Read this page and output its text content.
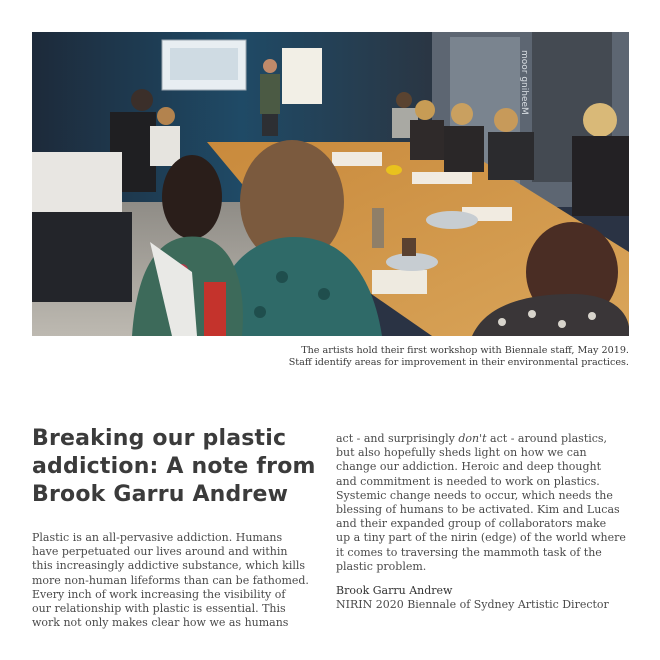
moor gniheeM
The artists hold their first workshop with Biennale staff, May 2019.
Staff identify areas for improvement in their environmental practices.
Breaking our plastic
addiction: A note from
Brook Garru Andrew
Plastic is an all-pervasive addiction. Humans
have perpetuated our lives around and within
this increasingly addictive substance, which kills
more non-human lifeforms than can be fathomed.
Every inch of work increasing the visibility of
our relationship with plastic is essential. This
work not only makes clear how we as humans
act - and surprisingly don't act - around plastics,
but also hopefully sheds light on how we can
change our addiction. Heroic and deep thought
and commitment is needed to work on plastics.
Systemic change needs to occur, which needs the
blessing of humans to be activated. Kim and Lucas
and their expanded group of collaborators make
up a tiny part of the nirin (edge) of the world where
it comes to traversing the mammoth task of the
plastic problem.
Brook Garru Andrew
NIRIN 2020 Biennale of Sydney Artistic Director
